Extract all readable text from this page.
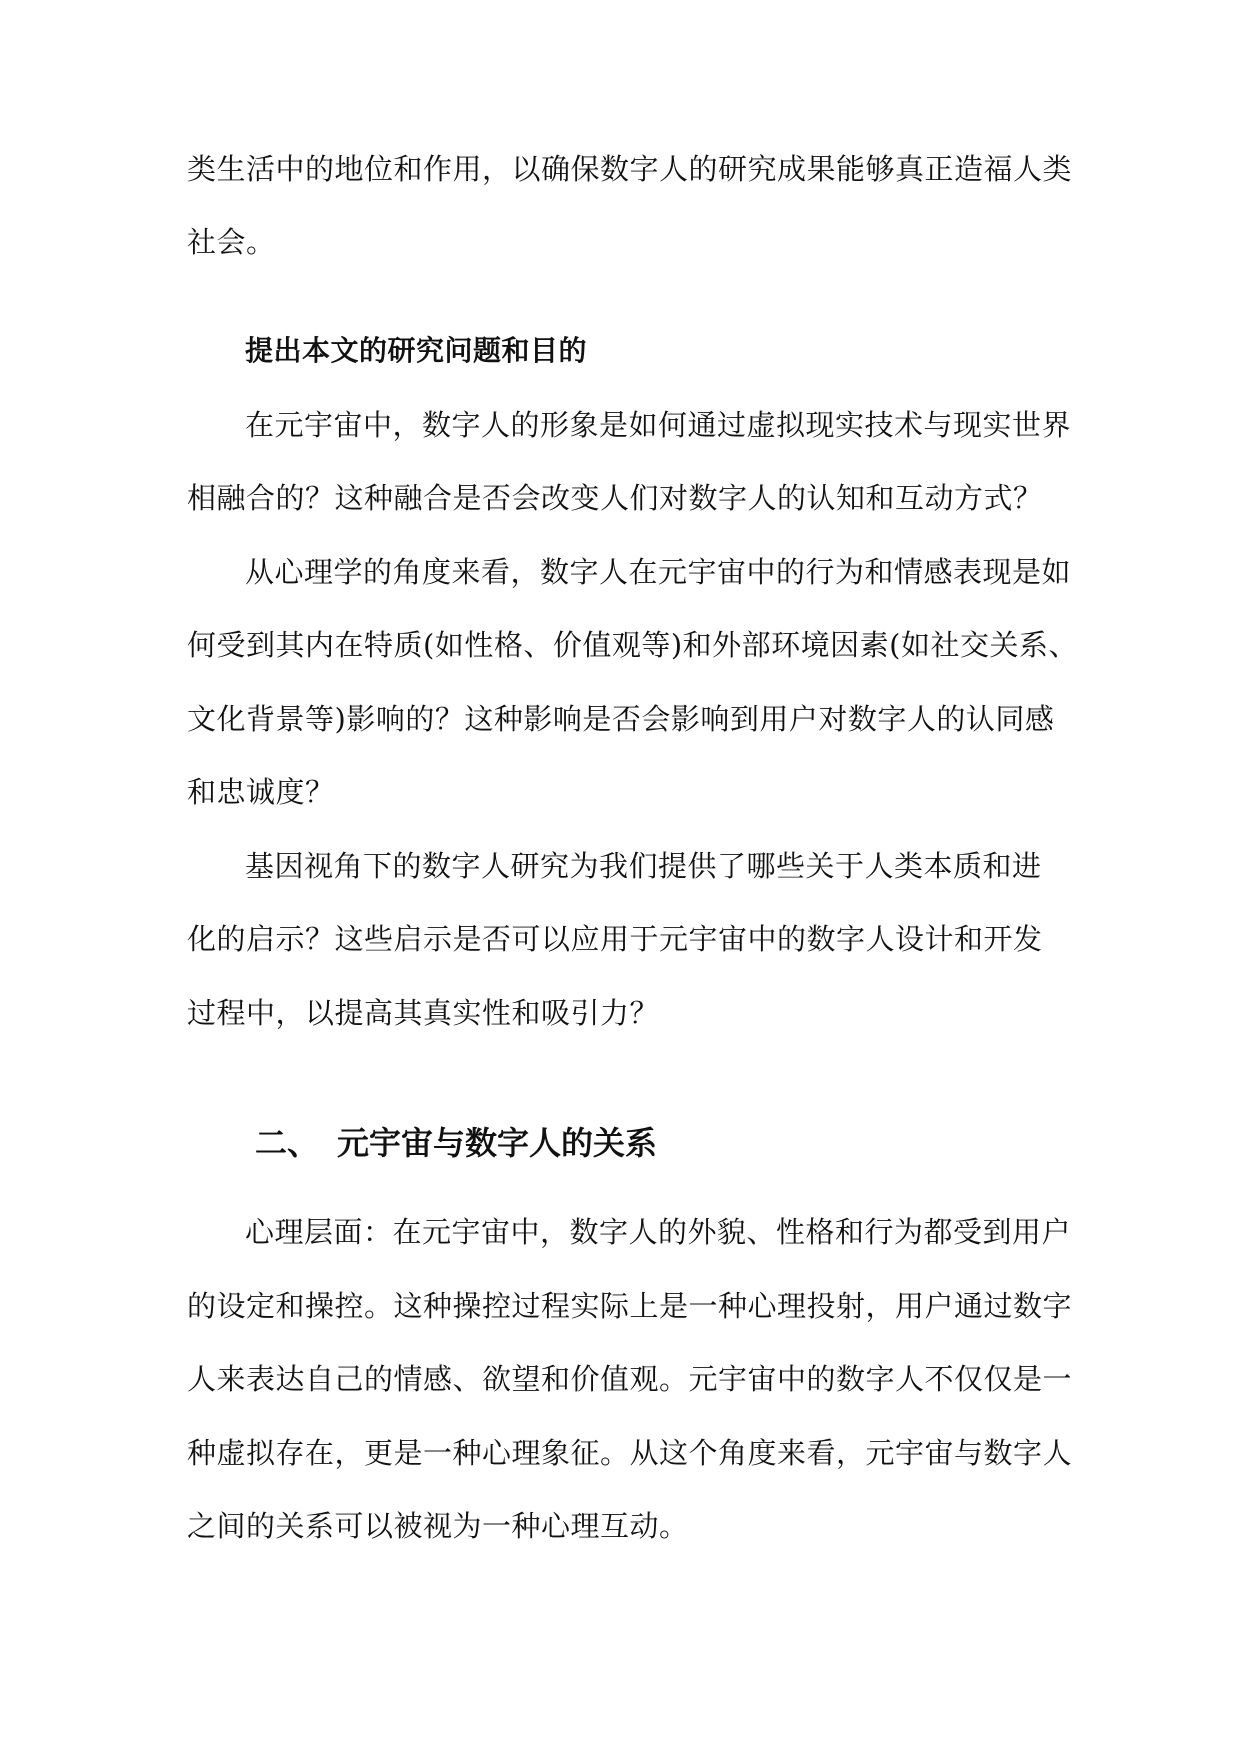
类生活中的地位和作用，以确保数字人的研究成果能够真正造福人类
社会。
提出本文的研究问题和目的
在元宇宙中，数字人的形象是如何通过虚拟现实技术与现实世界
相融合的？这种融合是否会改变人们对数字人的认知和互动方式？
从心理学的角度来看，数字人在元宇宙中的行为和情感表现是如
何受到其内在特质(如性格、价值观等)和外部环境因素(如社交关系、
文化背景等)影响的？这种影响是否会影响到用户对数字人的认同感
和忠诚度？
基因视角下的数字人研究为我们提供了哪些关于人类本质和进
化的启示？这些启示是否可以应用于元宇宙中的数字人设计和开发
过程中，以提高其真实性和吸引力？
二、 元宇宙与数字人的关系
心理层面：在元宇宙中，数字人的外貌、性格和行为都受到用户
的设定和操控。这种操控过程实际上是一种心理投射，用户通过数字
人来表达自己的情感、欲望和价值观。元宇宙中的数字人不仅仅是一
种虚拟存在，更是一种心理象征。从这个角度来看，元宇宙与数字人
之间的关系可以被视为一种心理互动。
